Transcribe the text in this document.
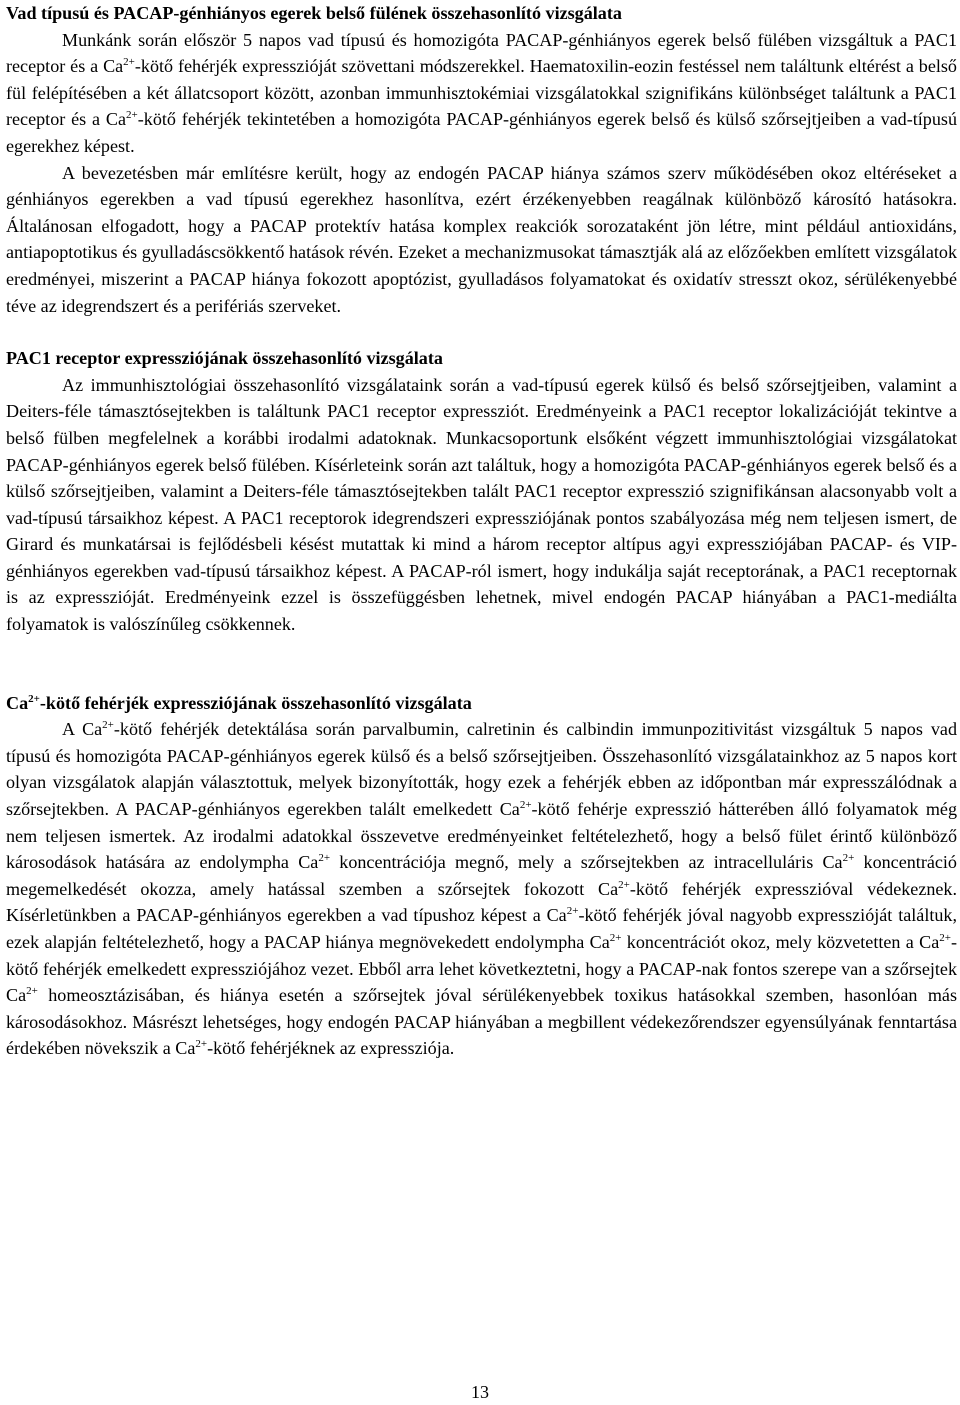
Vad típusú és PACAP-génhiányos egerek belső fülének összehasonlító vizsgálata

Munkánk során először 5 napos vad típusú és homozigóta PACAP-génhiányos egerek belső fülében vizsgáltuk a PAC1 receptor és a $Ca^{2+}$-kötő fehérjék expresszióját szövettani módszerekkel. Haematoxilin-eozin festéssel nem találtunk eltérést a belső fül felépítésében a két állatcsoport között, azonban immunhisztokémiai vizsgálatokkal szignifikáns különbséget találtunk a PAC1 receptor és a $Ca^{2+}$-kötő fehérjék tekintetében a homozigóta PACAP-génhiányos egerek belső és külső szőrsejtjeiben a vad-típusú egerekhez képest.

A bevezetésben már említésre került, hogy az endogén PACAP hiánya számos szerv működésében okoz eltéréseket a génhiányos egerekben a vad típusú egerekhez hasonlítva, ezért érzékenyebben reagálnak különböző károsító hatásokra. Általánosan elfogadott, hogy a PACAP protektív hatása komplex reakciók sorozataként jön létre, mint például antioxidáns, antiapoptotikus és gyulladáscsökkentő hatások révén. Ezeket a mechanizmusokat támasztják alá az előzőekben említett vizsgálatok eredményei, miszerint a PACAP hiánya fokozott apoptózist, gyulladásos folyamatokat és oxidatív stresszt okoz, sérülékenyebbé téve az idegrendszert és a perifériás szerveket.

PAC1 receptor expressziójának összehasonlító vizsgálata

Az immunhisztológiai összehasonlító vizsgálataink során a vad-típusú egerek külső és belső szőrsejtjeiben, valamint a Deiters-féle támasztósejtekben is találtunk PAC1 receptor expressziót. Eredményeink a PAC1 receptor lokalizációját tekintve a belső fülben megfelelnek a korábbi irodalmi adatoknak. Munkacsoportunk elsőként végzett immunhisztológiai vizsgálatokat PACAP-génhiányos egerek belső fülében. Kísérleteink során azt találtuk, hogy a homozigóta PACAP-génhiányos egerek belső és a külső szőrsejtjeiben, valamint a Deiters-féle támasztósejtekben talált PAC1 receptor expresszió szignifikánsan alacsonyabb volt a vad-típusú társaikhoz képest. A PAC1 receptorok idegrendszeri expressziójának pontos szabályozása még nem teljesen ismert, de Girard és munkatársai is fejlődésbeli késést mutattak ki mind a három receptor altípus agyi expressziójában PACAP- és VIP-génhiányos egerekben vad-típusú társaikhoz képest. A PACAP-ról ismert, hogy indukálja saját receptorának, a PAC1 receptornak is az expresszióját. Eredményeink ezzel is összefüggésben lehetnek, mivel endogén PACAP hiányában a PAC1-mediálta folyamatok is valószínűleg csökkennek.

$Ca^{2+}$-kötő fehérjék expressziójának összehasonlító vizsgálata

A $Ca^{2+}$-kötő fehérjék detektálása során parvalbumin, calretinin és calbindin immunpozitivitást vizsgáltuk 5 napos vad típusú és homozigóta PACAP-génhiányos egerek külső és a belső szőrsejtjeiben. Összehasonlító vizsgálatainkhoz az 5 napos kort olyan vizsgálatok alapján választottuk, melyek bizonyították, hogy ezek a fehérjék ebben az időpontban már expresszálódnak a szőrsejtekben. A PACAP-génhiányos egerekben talált emelkedett $Ca^{2+}$-kötő fehérje expresszió hátterében álló folyamatok még nem teljesen ismertek. Az irodalmi adatokkal összevetve eredményeinket feltételezhető, hogy a belső fület érintő különböző károsodások hatására az endolympha $Ca^{2+}$ koncentrációja megnő, mely a szőrsejtekben az intracelluláris $Ca^{2+}$ koncentráció megemelkedését okozza, amely hatással szemben a szőrsejtek fokozott $Ca^{2+}$-kötő fehérjék expresszióval védekeznek. Kísérletünkben a PACAP-génhiányos egerekben a vad típushoz képest a $Ca^{2+}$-kötő fehérjék jóval nagyobb expresszióját találtuk, ezek alapján feltételezhető, hogy a PACAP hiánya megnövekedett endolympha $Ca^{2+}$ koncentrációt okoz, mely közvetetten a $Ca^{2+}$-kötő fehérjék emelkedett expressziójához vezet. Ebből arra lehet következtetni, hogy a PACAP-nak fontos szerepe van a szőrsejtek $Ca^{2+}$ homeosztázisában, és hiánya esetén a szőrsejtek jóval sérülékenyebbek toxikus hatásokkal szemben, hasonlóan más károsodásokhoz. Másrészt lehetséges, hogy endogén PACAP hiányában a megbillent védekezőrendszer egyensúlyának fenntartása érdekében növekszik a $Ca^{2+}$-kötő fehérjéknek az expressziója.

13
